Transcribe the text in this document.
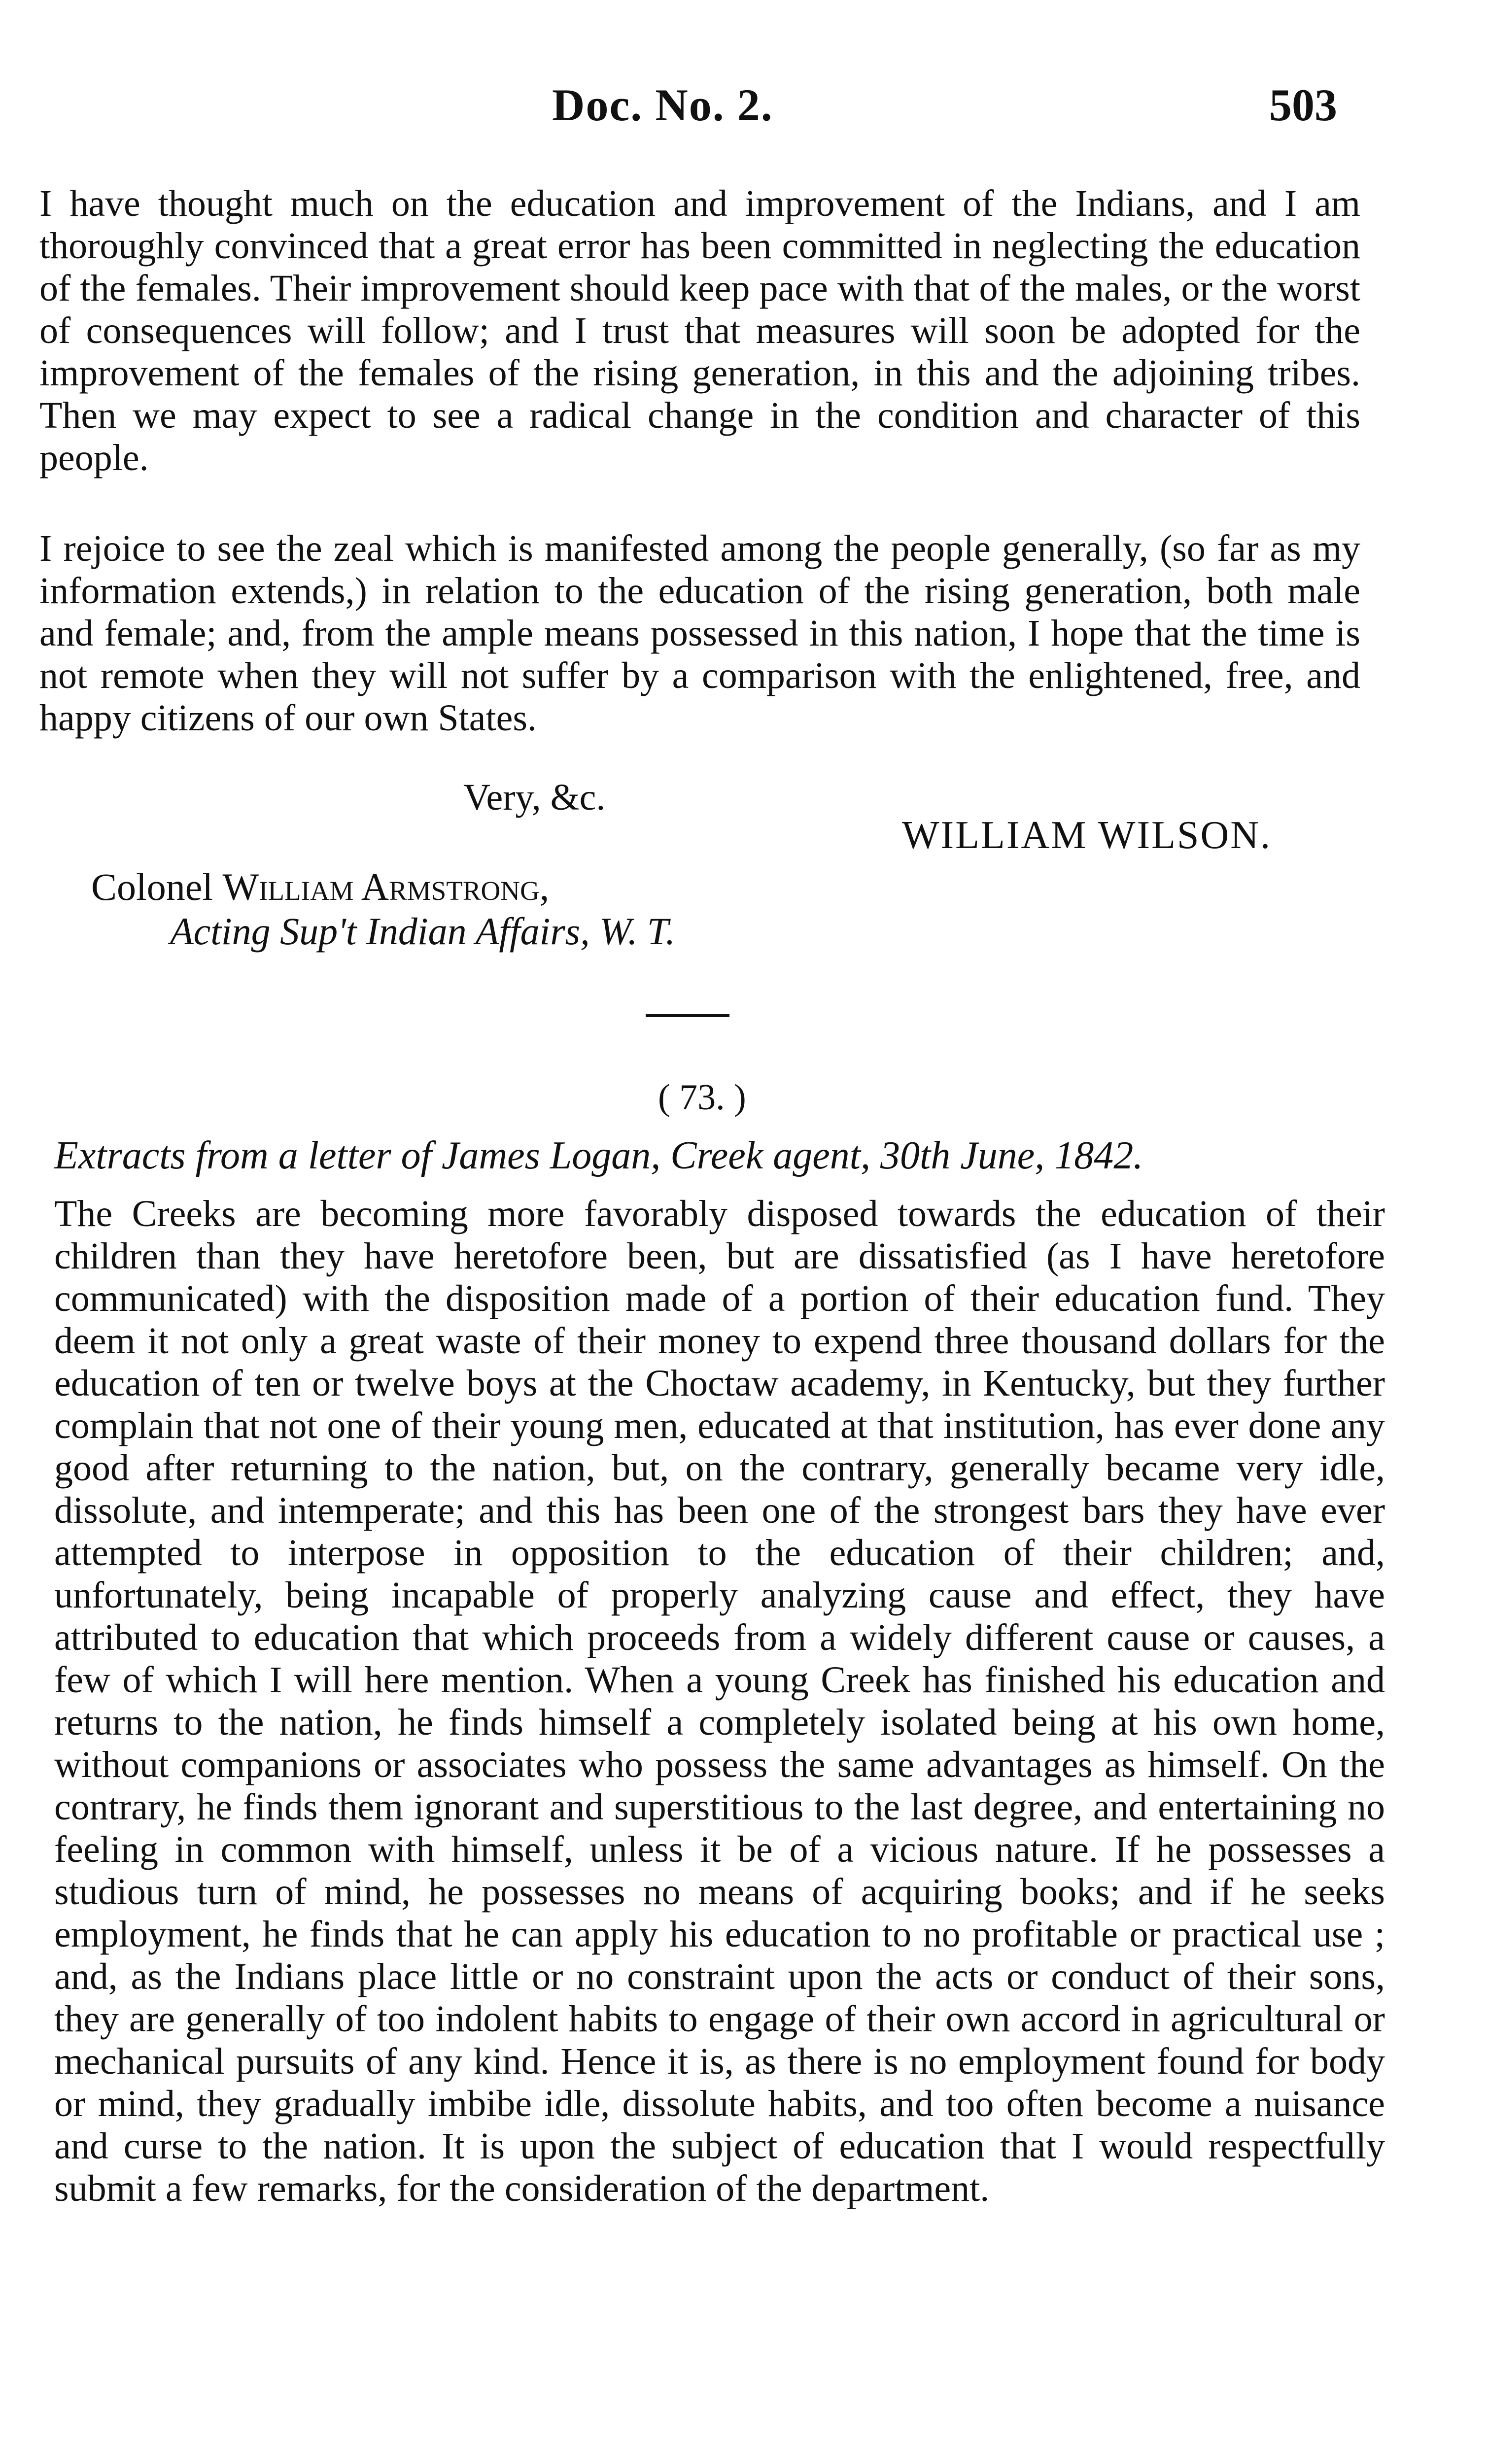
Doc. No. 2.	503

I have thought much on the education and improvement of the Indians, and I am thoroughly convinced that a great error has been committed in neglecting the education of the females. Their improvement should keep pace with that of the males, or the worst of consequences will follow; and I trust that measures will soon be adopted for the improvement of the females of the rising generation, in this and the adjoining tribes. Then we may expect to see a radical change in the condition and character of this people.

I rejoice to see the zeal which is manifested among the people generally, (so far as my information extends,) in relation to the education of the rising generation, both male and female; and, from the ample means possessed in this nation, I hope that the time is not remote when they will not suffer by a comparison with the enlightened, free, and happy citizens of our own States.

Very, &c.
WILLIAM WILSON.
Colonel William Armstrong,
Acting Sup't Indian Affairs, W. T.
( 73. )
Extracts from a letter of James Logan, Creek agent, 30th June, 1842.

The Creeks are becoming more favorably disposed towards the education of their children than they have heretofore been, but are dissatisfied (as I have heretofore communicated) with the disposition made of a portion of their education fund. They deem it not only a great waste of their money to expend three thousand dollars for the education of ten or twelve boys at the Choctaw academy, in Kentucky, but they further complain that not one of their young men, educated at that institution, has ever done any good after returning to the nation, but, on the contrary, generally became very idle, dissolute, and intemperate; and this has been one of the strongest bars they have ever attempted to interpose in opposition to the education of their children; and, unfortunately, being incapable of properly analyzing cause and effect, they have attributed to education that which proceeds from a widely different cause or causes, a few of which I will here mention. When a young Creek has finished his education and returns to the nation, he finds himself a completely isolated being at his own home, without companions or associates who possess the same advantages as himself. On the contrary, he finds them ignorant and superstitious to the last degree, and entertaining no feeling in common with himself, unless it be of a vicious nature. If he possesses a studious turn of mind, he possesses no means of acquiring books; and if he seeks employment, he finds that he can apply his education to no profitable or practical use ; and, as the Indians place little or no constraint upon the acts or conduct of their sons, they are generally of too indolent habits to engage of their own accord in agricultural or mechanical pursuits of any kind. Hence it is, as there is no employment found for body or mind, they gradually imbibe idle, dissolute habits, and too often become a nuisance and curse to the nation. It is upon the subject of education that I would respectfully submit a few remarks, for the consideration of the department.
